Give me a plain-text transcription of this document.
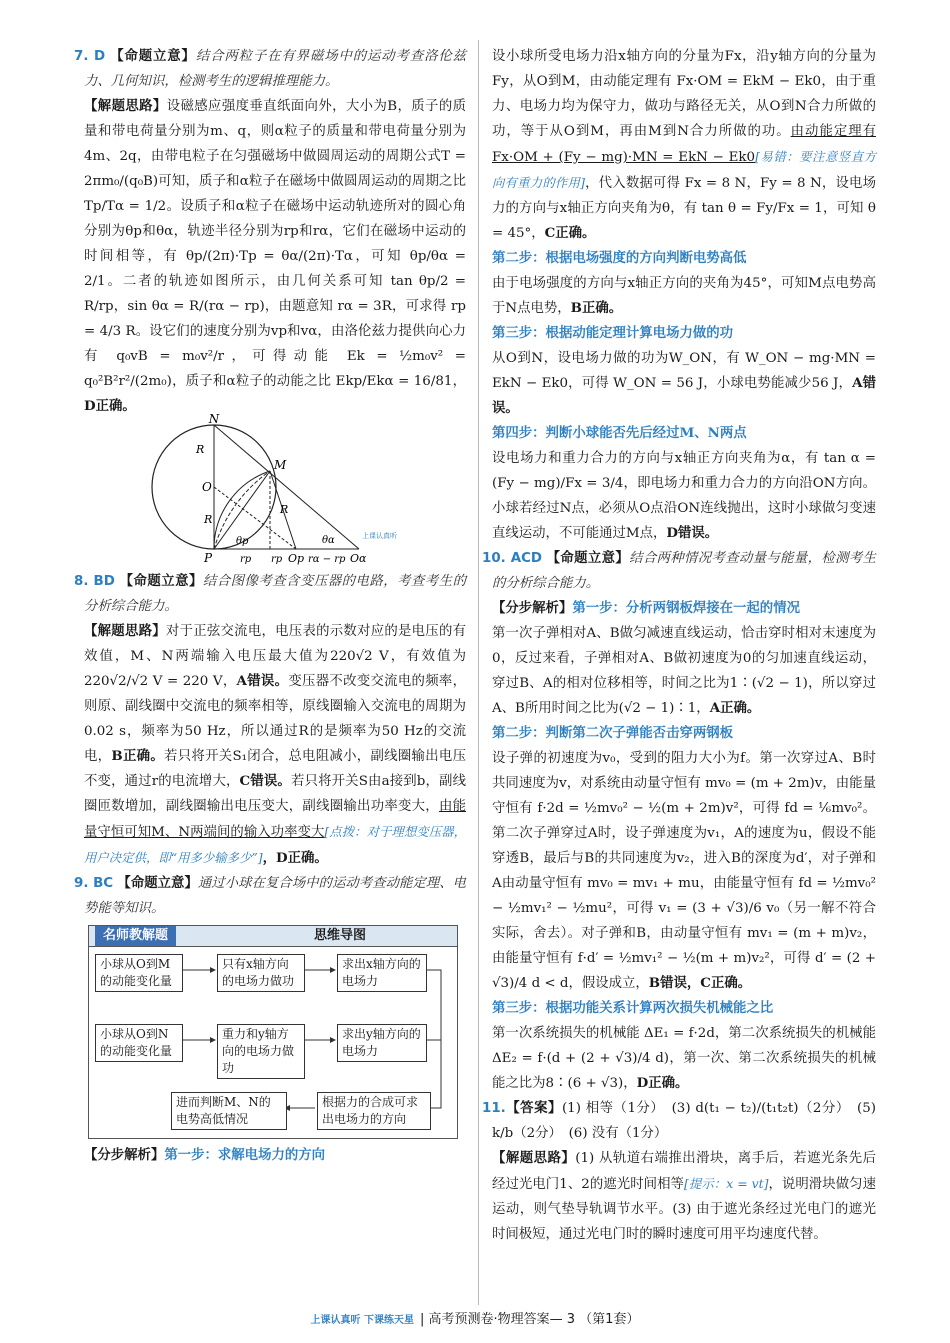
7. D 【命题立意】结合两粒子在有界磁场中的运动考查洛伦兹力、几何知识，检测考生的逻辑推理能力。

【解题思路】设磁感应强度垂直纸面向外，大小为B，质子的质量和带电荷量分别为m、q，则α粒子的质量和带电荷量分别为4m、2q，由带电粒子在匀强磁场中做圆周运动的周期公式T = 2πm₀/(q₀B)可知，质子和α粒子在磁场中做圆周运动的周期之比 Tp/Tα = 1/2。设质子和α粒子在磁场中运动轨迹所对的圆心角分别为θp和θα，轨迹半径分别为rp和rα，它们在磁场中运动的时间相等，有 θp/(2π)·Tp = θα/(2π)·Tα，可知 θp/θα = 2/1。二者的轨迹如图所示，由几何关系可知 tan θp/2 = R/rp，sin θα = R/(rα − rp)，由题意知 rα = 3R，可求得 rp = 4/3 R。设它们的速度分别为vp和vα，由洛伦兹力提供向心力有 q₀vB = m₀v²/r，可得动能 Ek = ½m₀v² = q₀²B²r²/(2m₀)，质子和α粒子的动能之比 Ekp/Ekα = 16/81，D正确。

N
M
O
P	Op	Oα
R
R
R
θp	θα
rp rp	rα − rp
上课认真听

8. BD 【命题立意】结合图像考查含变压器的电路，考查考生的分析综合能力。

【解题思路】对于正弦交流电，电压表的示数对应的是电压的有效值，M、N两端输入电压最大值为220√2 V，有效值为220√2/√2 V = 220 V，A错误。变压器不改变交流电的频率，则原、副线圈中交流电的频率相等，原线圈输入交流电的周期为0.02 s，频率为50 Hz，所以通过R的是频率为50 Hz的交流电，B正确。若只将开关S₁闭合，总电阻减小，副线圈输出电压不变，通过r的电流增大，C错误。若只将开关S由a接到b，副线圈匝数增加，副线圈输出电压变大，副线圈输出功率变大，由能量守恒可知M、N两端间的输入功率变大[点拨：对于理想变压器，用户决定供，即“用多少输多少”]，D正确。

9. BC 【命题立意】通过小球在复合场中的运动考查动能定理、电势能等知识。

名师教解题	思维导图
小球从O到M的动能变化量
只有x轴方向的电场力做功
求出x轴方向的电场力
小球从O到N的动能变化量
重力和y轴方向的电场力做功
求出y轴方向的电场力
进而判断M、N的电势高低情况
根据力的合成可求出电场力的方向

【分步解析】第一步：求解电场力的方向

设小球所受电场力沿x轴方向的分量为Fx，沿y轴方向的分量为Fy，从O到M，由动能定理有 Fx·OM = EkM − Ek0，由于重力、电场力均为保守力，做功与路径无关，从O到N合力所做的功，等于从O到M，再由M到N合力所做的功。由动能定理有 Fx·OM + (Fy − mg)·MN = EkN − Ek0[易错：要注意竖直方向有重力的作用]，代入数据可得 Fx = 8 N，Fy = 8 N，设电场力的方向与x轴正方向夹角为θ，有 tan θ = Fy/Fx = 1，可知 θ = 45°，C正确。

第二步：根据电场强度的方向判断电势高低
由于电场强度的方向与x轴正方向的夹角为45°，可知M点电势高于N点电势，B正确。

第三步：根据动能定理计算电场力做的功
从O到N，设电场力做的功为W_ON，有 W_ON − mg·MN = EkN − Ek0，可得 W_ON = 56 J，小球电势能减少56 J，A错误。

第四步：判断小球能否先后经过M、N两点
设电场力和重力合力的方向与x轴正方向夹角为α，有 tan α = (Fy − mg)/Fx = 3/4，即电场力和重力合力的方向沿ON方向。小球若经过N点，必须从O点沿ON连线抛出，这时小球做匀变速直线运动，不可能通过M点，D错误。

10. ACD 【命题立意】结合两种情况考查动量与能量，检测考生的分析综合能力。

【分步解析】第一步：分析两钢板焊接在一起的情况
第一次子弹相对A、B做匀减速直线运动，恰击穿时相对末速度为0，反过来看，子弹相对A、B做初速度为0的匀加速直线运动，穿过B、A的相对位移相等，时间之比为1∶(√2 − 1)，所以穿过A、B所用时间之比为(√2 − 1)∶1，A正确。

第二步：判断第二次子弹能否击穿两钢板
设子弹的初速度为v₀，受到的阻力大小为f。第一次穿过A、B时共同速度为v，对系统由动量守恒有 mv₀ = (m + 2m)v，由能量守恒有 f·2d = ½mv₀² − ½(m + 2m)v²，可得 fd = ⅙mv₀²。第二次子弹穿过A时，设子弹速度为v₁，A的速度为u，假设不能穿透B，最后与B的共同速度为v₂，进入B的深度为d′，对子弹和A由动量守恒有 mv₀ = mv₁ + mu，由能量守恒有 fd = ½mv₀² − ½mv₁² − ½mu²，可得 v₁ = (3 + √3)/6 v₀（另一解不符合实际，舍去）。对子弹和B，由动量守恒有 mv₁ = (m + m)v₂，由能量守恒有 f·d′ = ½mv₁² − ½(m + m)v₂²，可得 d′ = (2 + √3)/4 d < d，假设成立，B错误，C正确。

第三步：根据功能关系计算两次损失机械能之比
第一次系统损失的机械能 ΔE₁ = f·2d，第二次系统损失的机械能 ΔE₂ = f·(d + (2 + √3)/4 d)，第一次、第二次系统损失的机械能之比为8∶(6 + √3)，D正确。

11.【答案】(1) 相等（1分）　(3) d(t₁ − t₂)/(t₁t₂t)（2分）　(5) k/b（2分）　(6) 没有（1分）

【解题思路】(1) 从轨道右端推出滑块，离手后，若遮光条先后经过光电门1、2的遮光时间相等[提示：x = vt]，说明滑块做匀速运动，则气垫导轨调节水平。(3) 由于遮光条经过光电门的遮光时间极短，通过光电门时的瞬时速度可用平均速度代替。

上课认真听 下课练天星 | 高考预测卷·物理答案— 3 （第1套）
